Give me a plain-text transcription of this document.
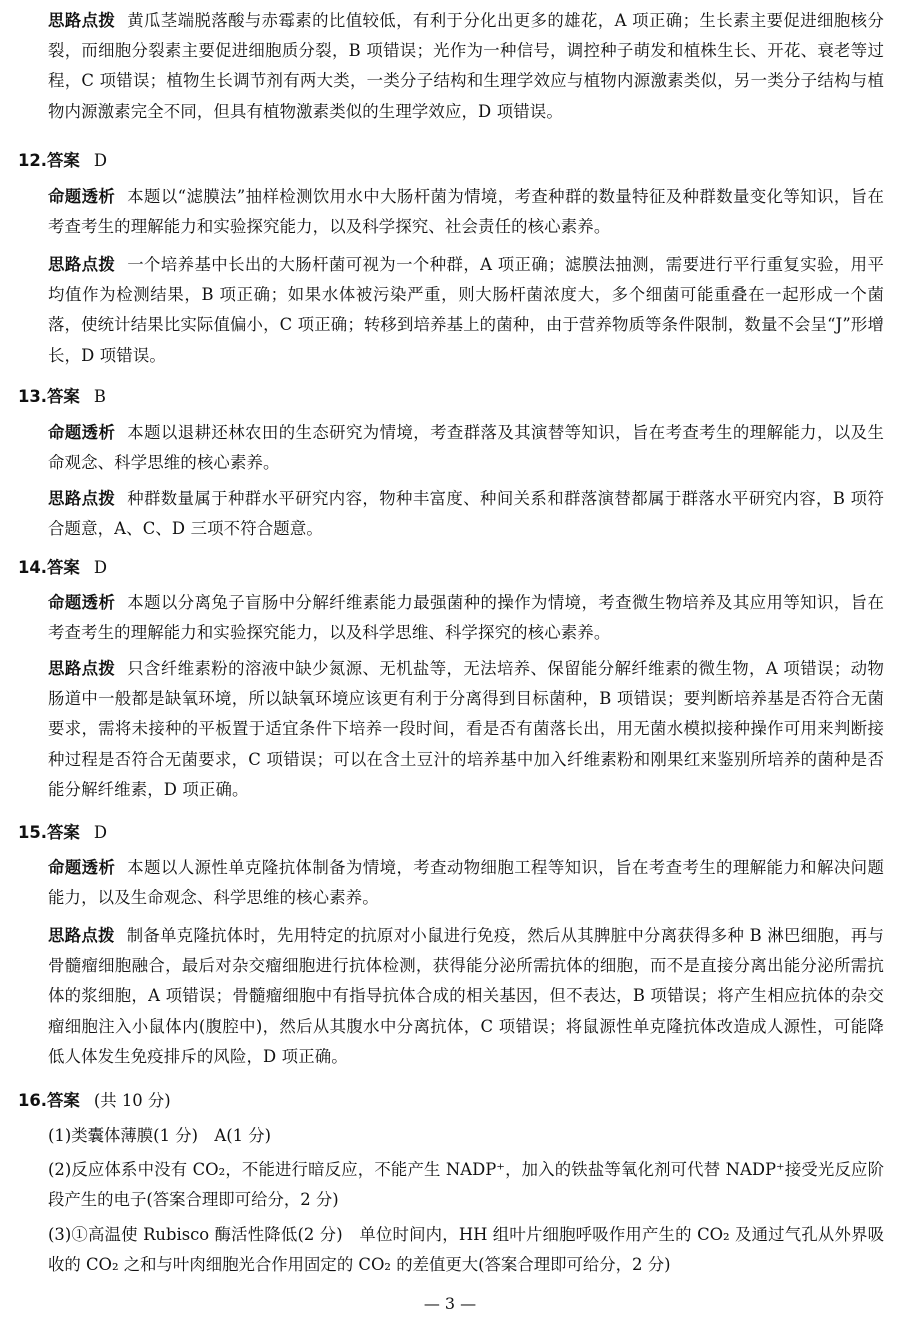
思路点拨 黄瓜茎端脱落酸与赤霉素的比值较低，有利于分化出更多的雄花，A 项正确；生长素主要促进细胞核分裂，而细胞分裂素主要促进细胞质分裂，B 项错误；光作为一种信号，调控种子萌发和植株生长、开花、衰老等过程，C 项错误；植物生长调节剂有两大类，一类分子结构和生理学效应与植物内源激素类似，另一类分子结构与植物内源激素完全不同，但具有植物激素类似的生理学效应，D 项错误。
12.答案 D
命题透析 本题以“滤膜法”抽样检测饮用水中大肠杆菌为情境，考查种群的数量特征及种群数量变化等知识，旨在考查考生的理解能力和实验探究能力，以及科学探究、社会责任的核心素养。
思路点拨 一个培养基中长出的大肠杆菌可视为一个种群，A 项正确；滤膜法抽测，需要进行平行重复实验，用平均值作为检测结果，B 项正确；如果水体被污染严重，则大肠杆菌浓度大，多个细菌可能重叠在一起形成一个菌落，使统计结果比实际值偏小，C 项正确；转移到培养基上的菌种，由于营养物质等条件限制，数量不会呈“J”形增长，D 项错误。
13.答案 B
命题透析 本题以退耕还林农田的生态研究为情境，考查群落及其演替等知识，旨在考查考生的理解能力，以及生命观念、科学思维的核心素养。
思路点拨 种群数量属于种群水平研究内容，物种丰富度、种间关系和群落演替都属于群落水平研究内容，B 项符合题意，A、C、D 三项不符合题意。
14.答案 D
命题透析 本题以分离兔子盲肠中分解纤维素能力最强菌种的操作为情境，考查微生物培养及其应用等知识，旨在考查考生的理解能力和实验探究能力，以及科学思维、科学探究的核心素养。
思路点拨 只含纤维素粉的溶液中缺少氮源、无机盐等，无法培养、保留能分解纤维素的微生物，A 项错误；动物肠道中一般都是缺氧环境，所以缺氧环境应该更有利于分离得到目标菌种，B 项错误；要判断培养基是否符合无菌要求，需将未接种的平板置于适宜条件下培养一段时间，看是否有菌落长出，用无菌水模拟接种操作可用来判断接种过程是否符合无菌要求，C 项错误；可以在含土豆汁的培养基中加入纤维素粉和刚果红来鉴别所培养的菌种是否能分解纤维素，D 项正确。
15.答案 D
命题透析 本题以人源性单克隆抗体制备为情境，考查动物细胞工程等知识，旨在考查考生的理解能力和解决问题能力，以及生命观念、科学思维的核心素养。
思路点拨 制备单克隆抗体时，先用特定的抗原对小鼠进行免疫，然后从其脾脏中分离获得多种 B 淋巴细胞，再与骨髓瘤细胞融合，最后对杂交瘤细胞进行抗体检测，获得能分泌所需抗体的细胞，而不是直接分离出能分泌所需抗体的浆细胞，A 项错误；骨髓瘤细胞中有指导抗体合成的相关基因，但不表达，B 项错误；将产生相应抗体的杂交瘤细胞注入小鼠体内(腹腔中)，然后从其腹水中分离抗体，C 项错误；将鼠源性单克隆抗体改造成人源性，可能降低人体发生免疫排斥的风险，D 项正确。
16.答案 (共 10 分)
(1)类囊体薄膜(1 分)　A(1 分)
(2)反应体系中没有 CO₂，不能进行暗反应，不能产生 NADP⁺，加入的铁盐等氧化剂可代替 NADP⁺接受光反应阶段产生的电子(答案合理即可给分，2 分)
(3)①高温使 Rubisco 酶活性降低(2 分)　单位时间内，HH 组叶片细胞呼吸作用产生的 CO₂ 及通过气孔从外界吸收的 CO₂ 之和与叶肉细胞光合作用固定的 CO₂ 的差值更大(答案合理即可给分，2 分)
— 3 —
